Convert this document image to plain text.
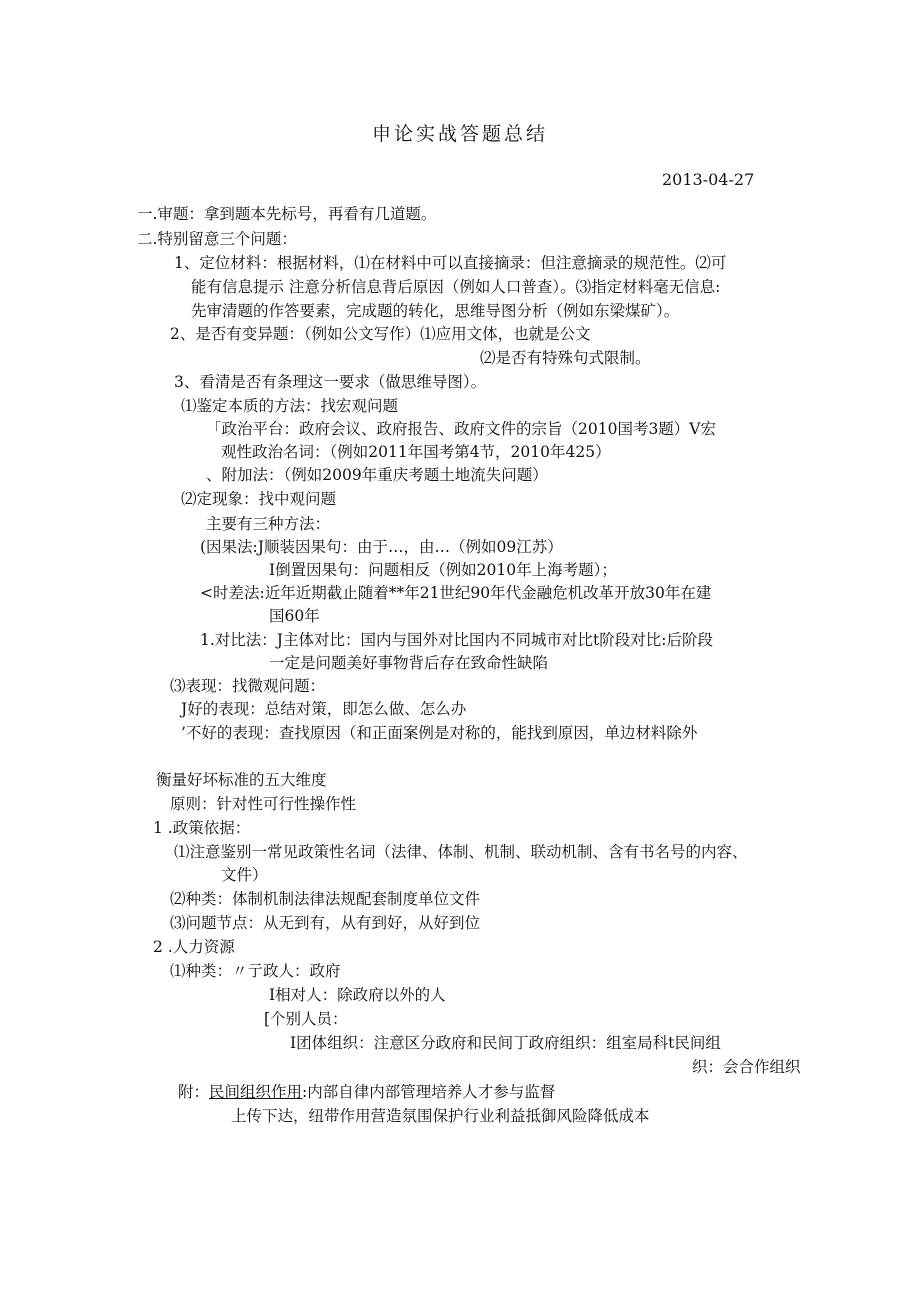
申论实战答题总结
2013-04-27
一.审题：拿到题本先标号，再看有几道题。
二.特别留意三个问题：
1、定位材料：根据材料，⑴在材料中可以直接摘录：但注意摘录的规范性。⑵可
能有信息提示 注意分析信息背后原因（例如人口普查）。⑶指定材料毫无信息:
先审清题的作答要素，完成题的转化，思维导图分析（例如东梁煤矿）。
2、是否有变异题：（例如公文写作）⑴应用文体，也就是公文
⑵是否有特殊句式限制。
3、看清是否有条理这一要求（做思维导图）。
⑴鉴定本质的方法：找宏观问题
「政治平台：政府会议、政府报告、政府文件的宗旨（2010国考3题）V宏
观性政治名词：（例如2011年国考第4节，2010年425）
、附加法：（例如2009年重庆考题土地流失问题）
⑵定现象：找中观问题
主要有三种方法：
(因果法:J顺装因果句：由于…，由…（例如09江苏）
I倒置因果句：问题相反（例如2010年上海考题）；
<时差法:近年近期截止随着**年21世纪90年代金融危机改革开放30年在建
国60年
1.对比法：J主体对比：国内与国外对比国内不同城市对比t阶段对比:后阶段
一定是问题美好事物背后存在致命性缺陷
⑶表现：找微观问题：
J好的表现：总结对策，即怎么做、怎么办
’不好的表现：查找原因（和正面案例是对称的，能找到原因，单边材料除外
衡量好坏标准的五大维度
原则：针对性可行性操作性
1 .政策依据：
⑴注意鉴别一常见政策性名词（法律、体制、机制、联动机制、含有书名号的内容、
文件）
⑵种类：体制机制法律法规配套制度单位文件
⑶问题节点：从无到有，从有到好，从好到位
2 .人力资源
⑴种类：〃亍政人：政府
I相对人：除政府以外的人
[个别人员：
I团体组织：注意区分政府和民间丁政府组织：组室局科t民间组
织：会合作组织
附：民间组织作用:内部自律内部管理培养人才参与监督
上传下达，纽带作用营造氛围保护行业利益抵御风险降低成本
